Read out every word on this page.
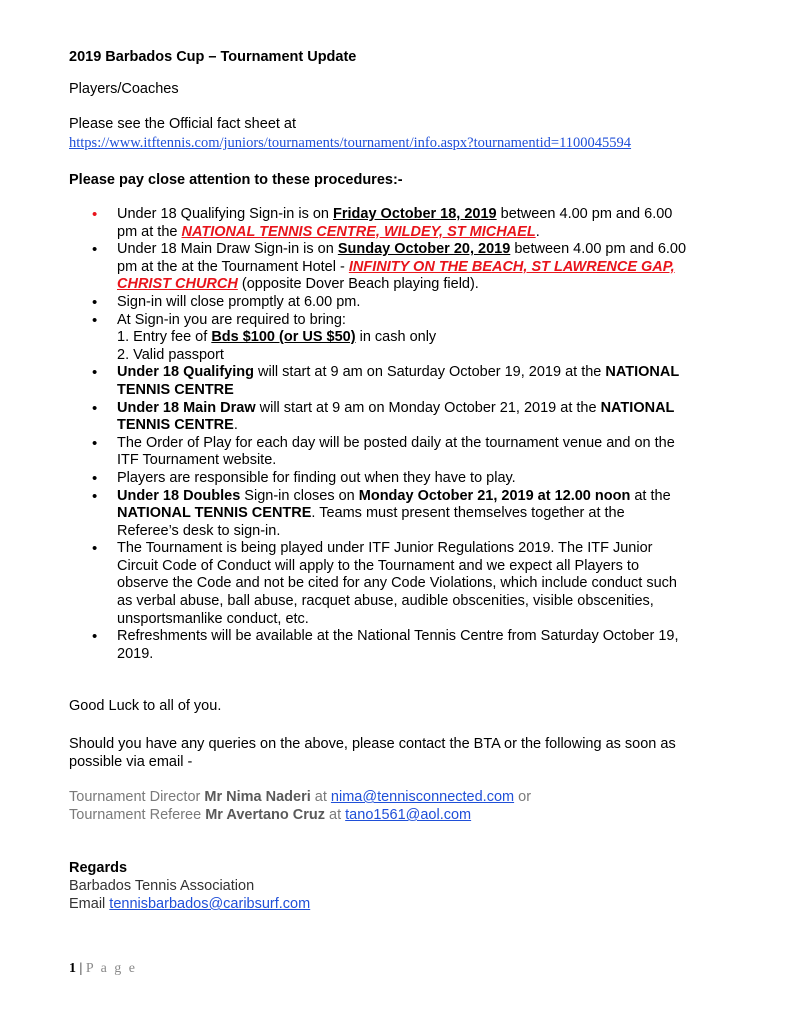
2019 Barbados Cup – Tournament Update
Players/Coaches
Please see the Official fact sheet at
https://www.itftennis.com/juniors/tournaments/tournament/info.aspx?tournamentid=1100045594
Please pay close attention to these procedures:-
• Under 18 Qualifying Sign-in is on Friday October 18, 2019 between 4.00 pm and 6.00
pm at the NATIONAL TENNIS CENTRE, WILDEY, ST MICHAEL.
• Under 18 Main Draw Sign-in is on Sunday October 20, 2019 between 4.00 pm and 6.00
pm at the at the Tournament Hotel - INFINITY ON THE BEACH, ST LAWRENCE GAP,
CHRIST CHURCH (opposite Dover Beach playing field).
• Sign-in will close promptly at 6.00 pm.
• At Sign-in you are required to bring:
1. Entry fee of Bds $100 (or US $50) in cash only
2. Valid passport
• Under 18 Qualifying will start at 9 am on Saturday October 19, 2019 at the NATIONAL
TENNIS CENTRE
• Under 18 Main Draw will start at 9 am on Monday October 21, 2019 at the NATIONAL
TENNIS CENTRE.
• The Order of Play for each day will be posted daily at the tournament venue and on the
ITF Tournament website.
• Players are responsible for finding out when they have to play.
• Under 18 Doubles Sign-in closes on Monday October 21, 2019 at 12.00 noon at the
NATIONAL TENNIS CENTRE. Teams must present themselves together at the
Referee’s desk to sign-in.
• The Tournament is being played under ITF Junior Regulations 2019. The ITF Junior
Circuit Code of Conduct will apply to the Tournament and we expect all Players to
observe the Code and not be cited for any Code Violations, which include conduct such
as verbal abuse, ball abuse, racquet abuse, audible obscenities, visible obscenities,
unsportsmanlike conduct, etc.
• Refreshments will be available at the National Tennis Centre from Saturday October 19,
2019.
Good Luck to all of you.
Should you have any queries on the above, please contact the BTA or the following as soon as
possible via email -
Tournament Director Mr Nima Naderi at nima@tennisconnected.com or
Tournament Referee Mr Avertano Cruz at tano1561@aol.com
Regards
Barbados Tennis Association
Email tennisbarbados@caribsurf.com
1 | P a g e
